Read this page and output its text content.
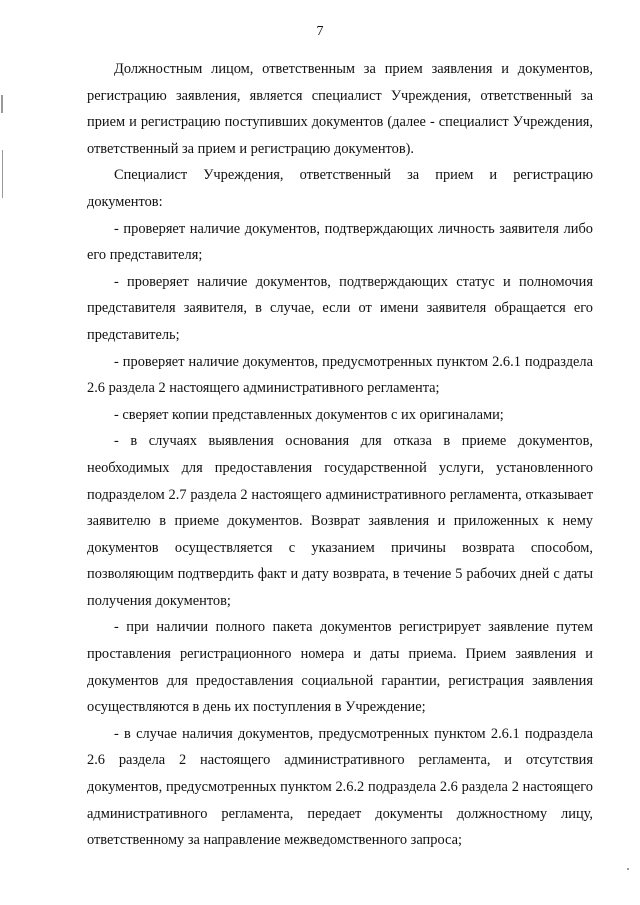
7

Должностным лицом, ответственным за прием заявления и документов, регистрацию заявления, является специалист Учреждения, ответственный за прием и регистрацию поступивших документов (далее - специалист Учреждения, ответственный за прием и регистрацию документов).

Специалист Учреждения, ответственный за прием и регистрацию документов:

- проверяет наличие документов, подтверждающих личность заявителя либо его представителя;

- проверяет наличие документов, подтверждающих статус и полномочия представителя заявителя, в случае, если от имени заявителя обращается его представитель;

- проверяет наличие документов, предусмотренных пунктом 2.6.1 подраздела 2.6 раздела 2 настоящего административного регламента;

- сверяет копии представленных документов с их оригиналами;

- в случаях выявления основания для отказа в приеме документов, необходимых для предоставления государственной услуги, установленного подразделом 2.7 раздела 2 настоящего административного регламента, отказывает заявителю в приеме документов. Возврат заявления и приложенных к нему документов осуществляется с указанием причины возврата способом, позволяющим подтвердить факт и дату возврата, в течение 5 рабочих дней с даты получения документов;

- при наличии полного пакета документов регистрирует заявление путем проставления регистрационного номера и даты приема. Прием заявления и документов для предоставления социальной гарантии, регистрация заявления осуществляются в день их поступления в Учреждение;

- в случае наличия документов, предусмотренных пунктом 2.6.1 подраздела 2.6 раздела 2 настоящего административного регламента, и отсутствия документов, предусмотренных пунктом 2.6.2 подраздела 2.6 раздела 2 настоящего административного регламента, передает документы должностному лицу, ответственному за направление межведомственного запроса;
